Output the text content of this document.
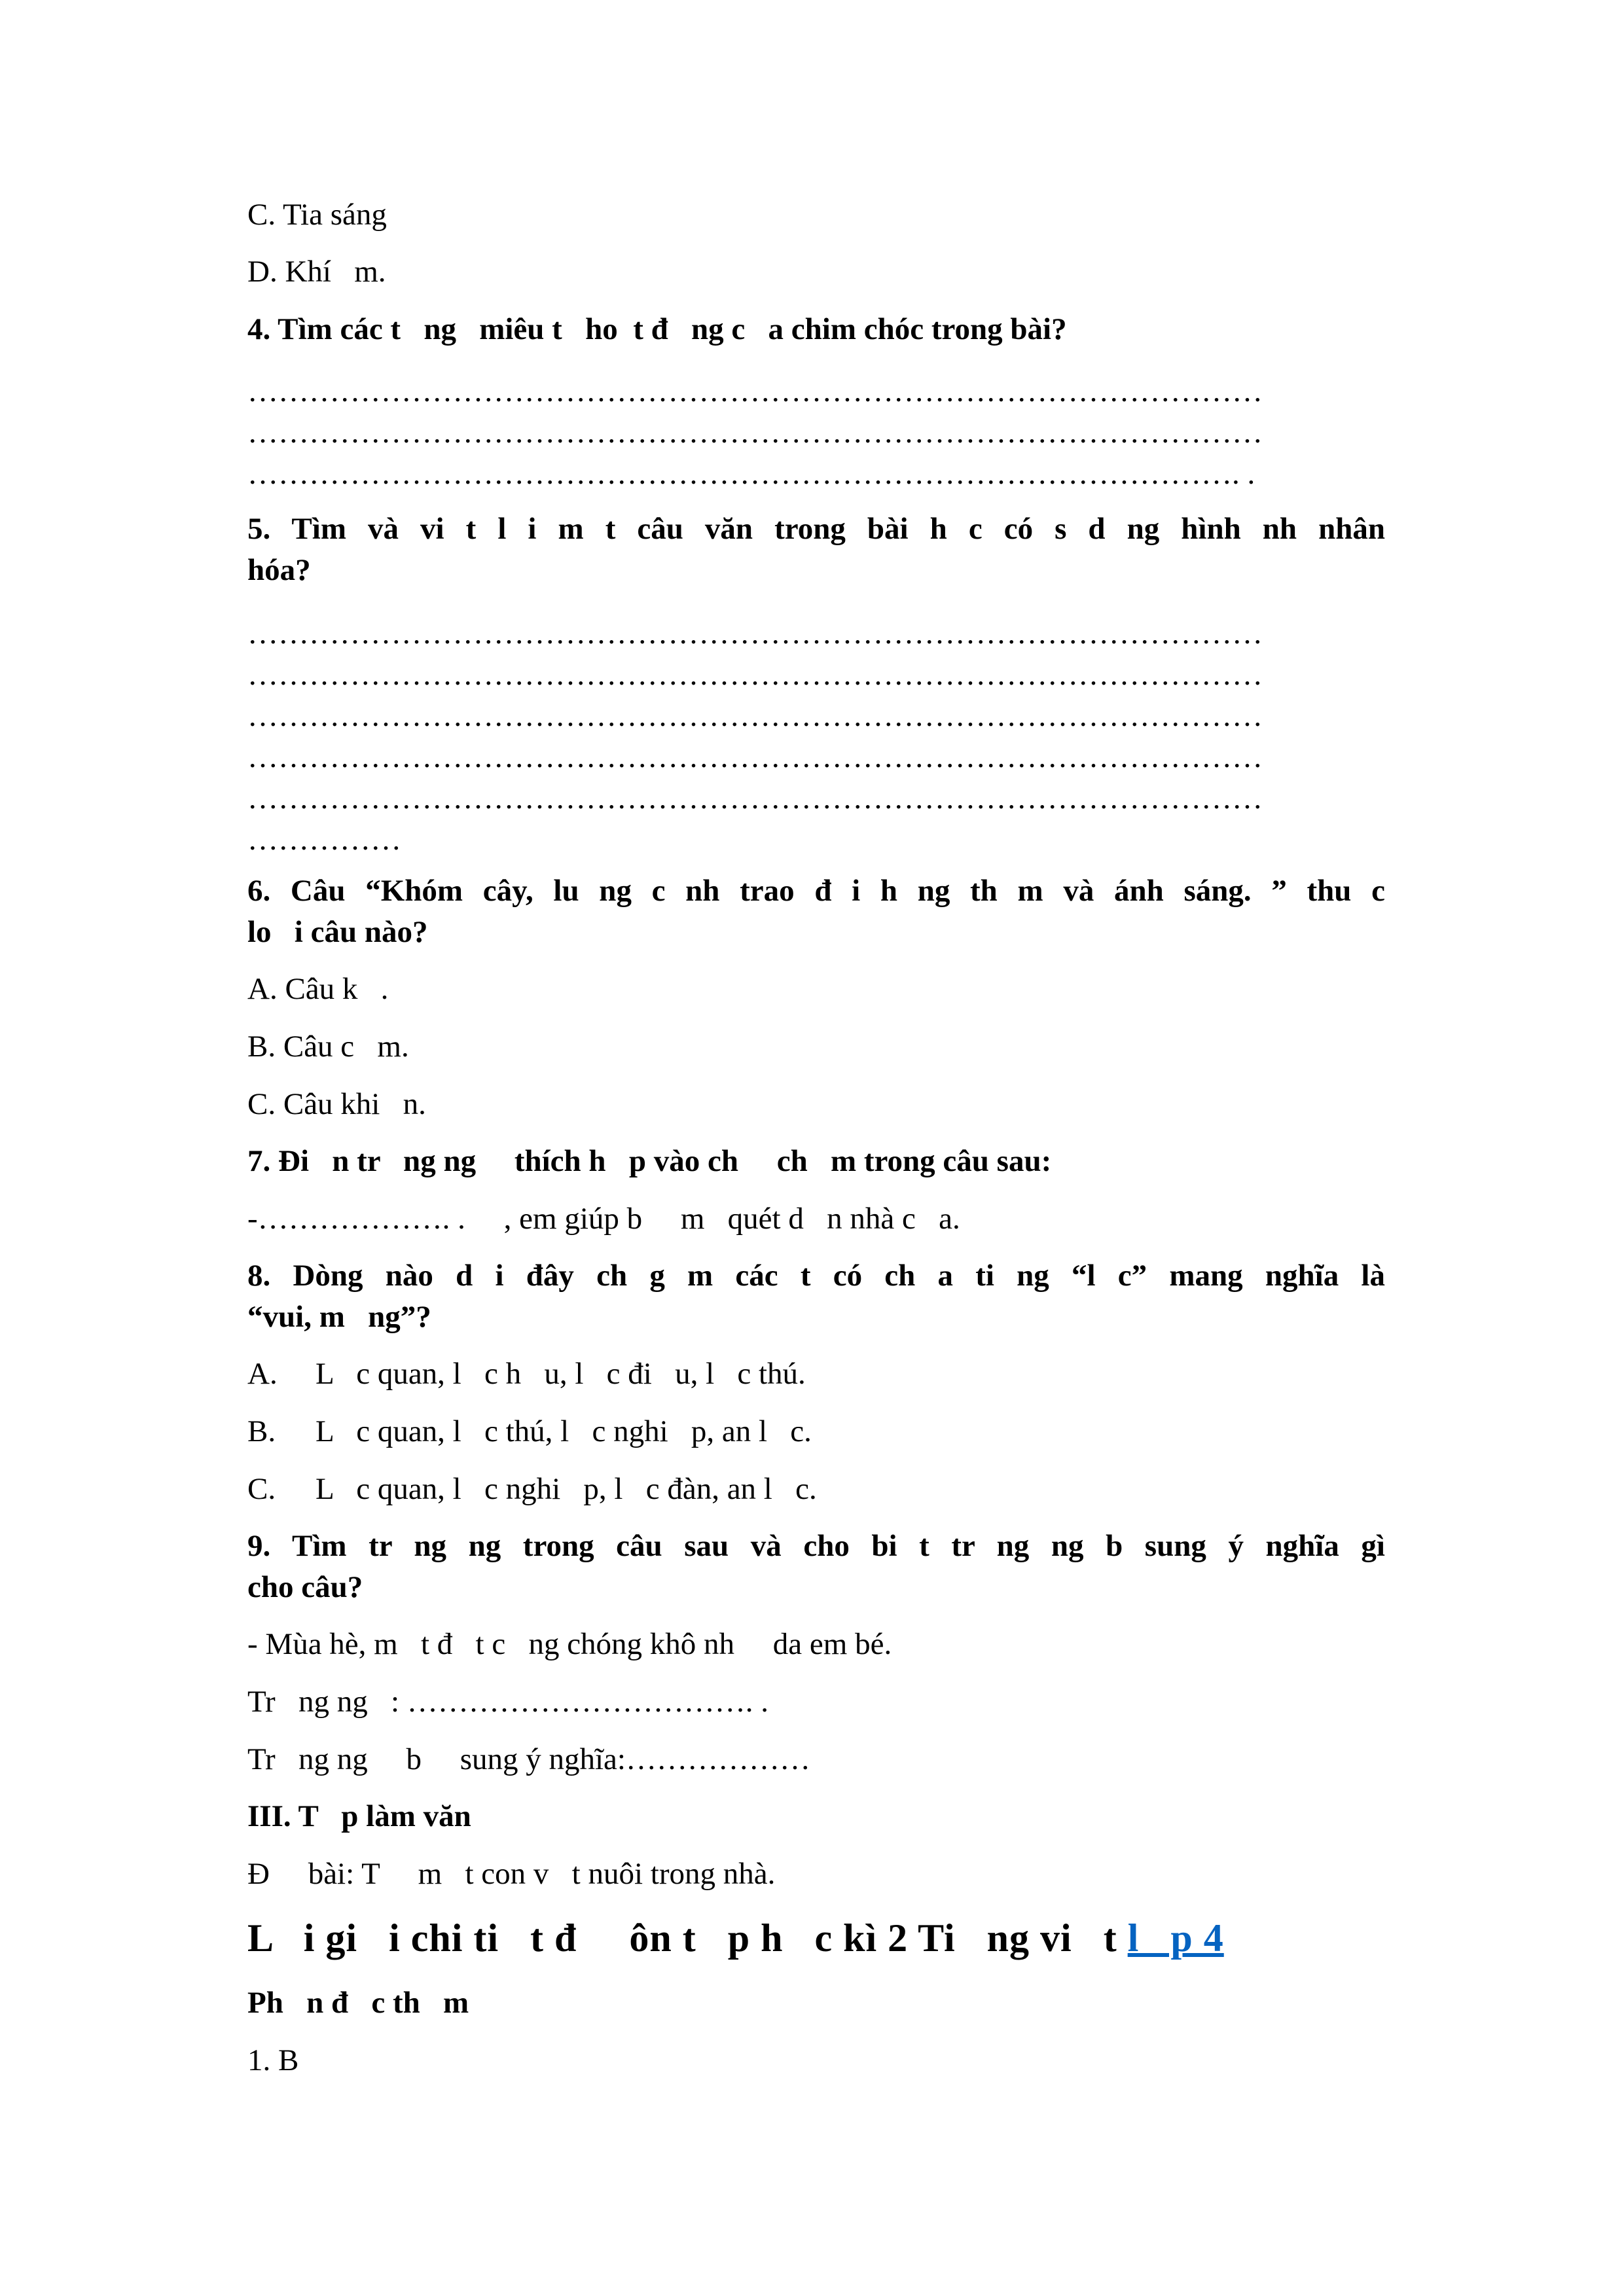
C. Tia sáng

D. Khí   m.

4. Tìm các t   ng   miêu t   ho  t đ   ng c   a chim chóc trong bài?

………………………………………………………………………………………

………………………………………………………………………………………

……………………………………………………………………………………. .

5. Tìm và vi t l i m t câu văn trong bài h c có s d ng hình nh nhân

hóa?

………………………………………………………………………………………

………………………………………………………………………………………

………………………………………………………………………………………

………………………………………………………………………………………

………………………………………………………………………………………

……………

6. Câu “Khóm cây, lu ng c nh trao đ i h ng th m và ánh sáng. ” thu c

lo   i câu nào?

A. Câu k   .

B. Câu c   m.

C. Câu khi   n.

7. Đi   n tr   ng ng     thích h   p vào ch     ch   m trong câu sau:

-………………. .     , em giúp b     m   quét d   n nhà c   a.

8. Dòng nào d i đây ch g m các t có ch a ti ng “l c” mang nghĩa là

“vui, m   ng”?

A. L   c quan, l   c h   u, l   c đi   u, l   c thú.

B. L   c quan, l   c thú, l   c nghi   p, an l   c.

C. L   c quan, l   c nghi   p, l   c đàn, an l   c.

9. Tìm tr ng ng trong câu sau và cho bi t tr ng ng b sung ý nghĩa gì

cho câu?

- Mùa hè, m   t đ   t c   ng chóng khô nh     da em bé.

Tr   ng ng   : ……………………………. .

Tr   ng ng     b     sung ý nghĩa:………………

III. T   p làm văn

Đ     bài: T     m   t con v   t nuôi trong nhà.

L   i gi   i chi ti   t đ     ôn t   p h   c kì 2 Ti   ng vi   t l   p 4

Ph   n đ   c th   m

1. B
